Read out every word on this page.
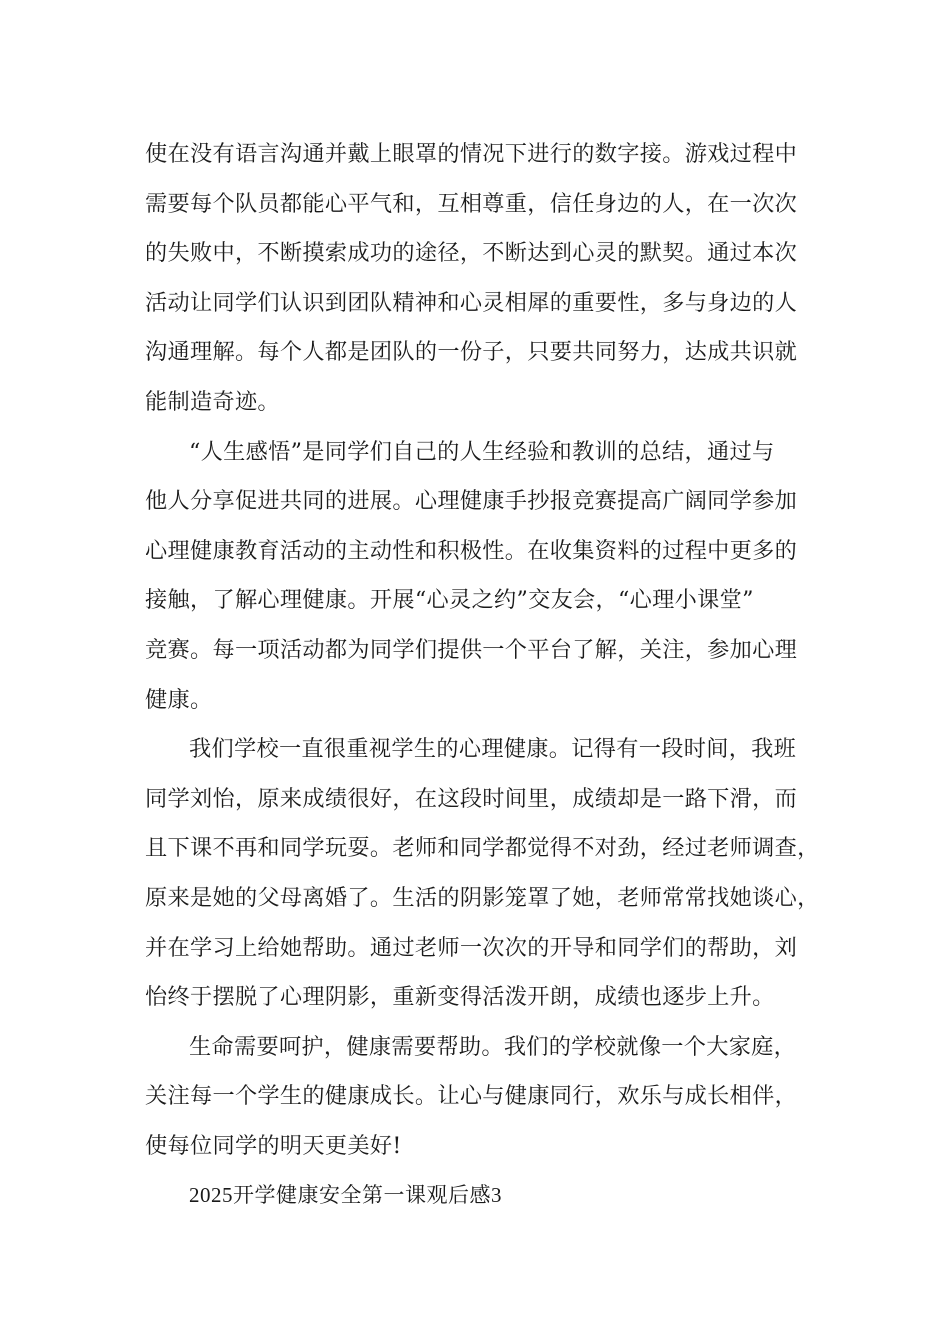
使在没有语言沟通并戴上眼罩的情况下进行的数字接。游戏过程中
需要每个队员都能心平气和，互相尊重，信任身边的人，在一次次
的失败中，不断摸索成功的途径，不断达到心灵的默契。通过本次
活动让同学们认识到团队精神和心灵相犀的重要性，多与身边的人
沟通理解。每个人都是团队的一份子，只要共同努力，达成共识就
能制造奇迹。
“人生感悟”是同学们自己的人生经验和教训的总结，通过与
他人分享促进共同的进展。心理健康手抄报竞赛提高广阔同学参加
心理健康教育活动的主动性和积极性。在收集资料的过程中更多的
接触，了解心理健康。开展“心灵之约”交友会，“心理小课堂”
竞赛。每一项活动都为同学们提供一个平台了解，关注，参加心理
健康。
我们学校一直很重视学生的心理健康。记得有一段时间，我班
同学刘怡，原来成绩很好，在这段时间里，成绩却是一路下滑，而
且下课不再和同学玩耍。老师和同学都觉得不对劲，经过老师调查，
原来是她的父母离婚了。生活的阴影笼罩了她，老师常常找她谈心，
并在学习上给她帮助。通过老师一次次的开导和同学们的帮助，刘
怡终于摆脱了心理阴影，重新变得活泼开朗，成绩也逐步上升。
生命需要呵护，健康需要帮助。我们的学校就像一个大家庭，
关注每一个学生的健康成长。让心与健康同行，欢乐与成长相伴，
使每位同学的明天更美好!
2025开学健康安全第一课观后感3
